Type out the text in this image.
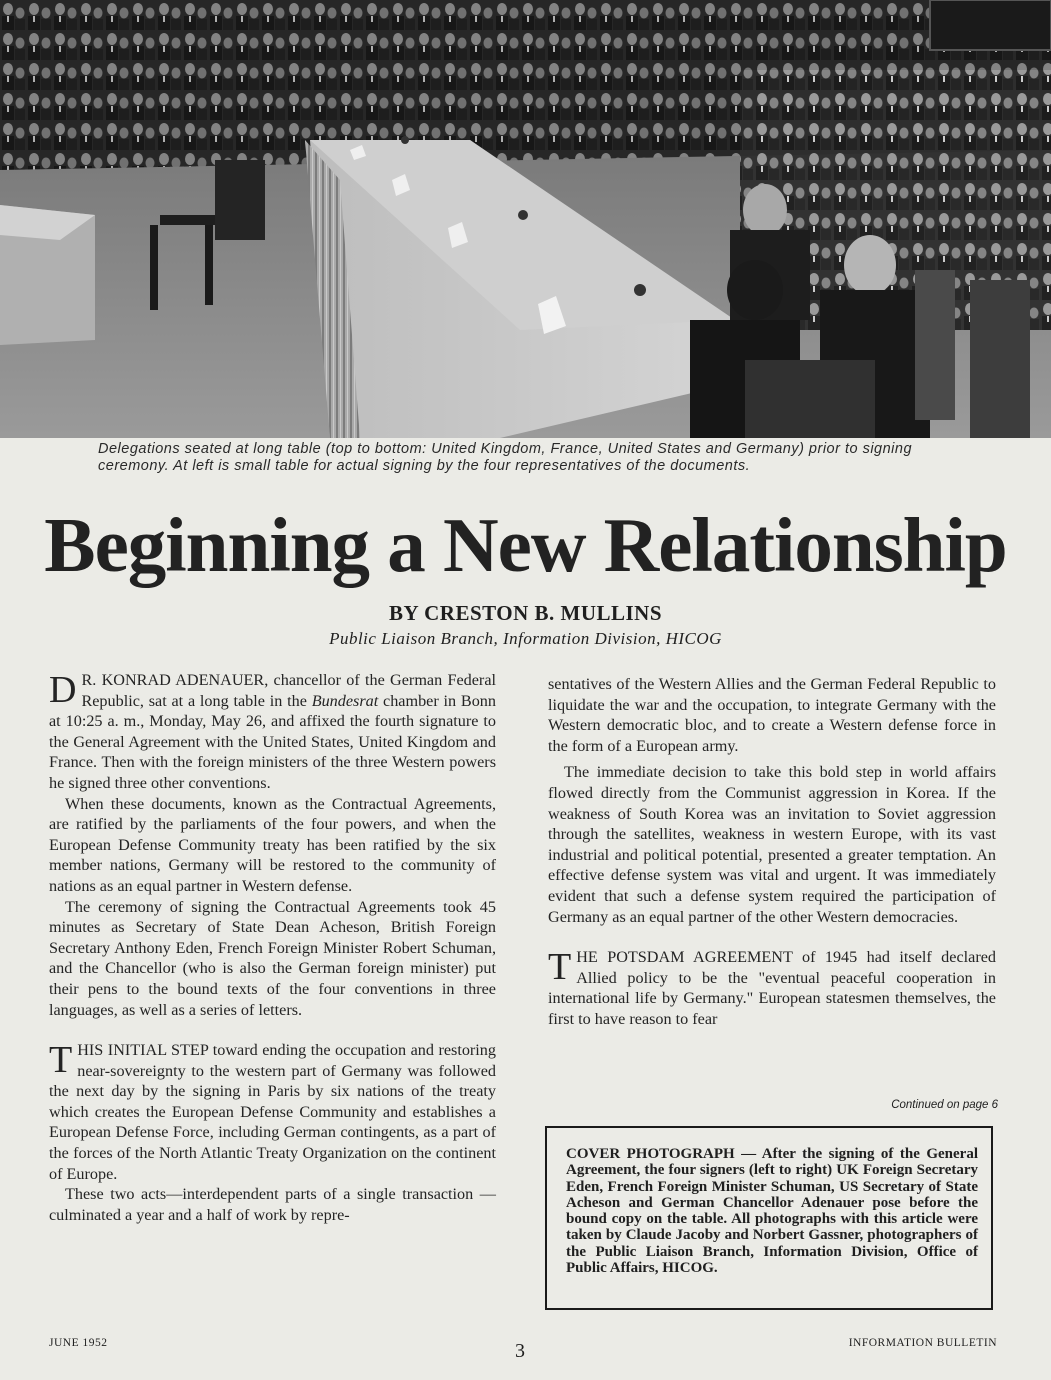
Delegations seated at long table (top to bottom: United Kingdom, France, United States and Germany) prior to signing ceremony. At left is small table for actual signing by the four representatives of the documents.
Beginning a New Relationship
BY CRESTON B. MULLINS
Public Liaison Branch, Information Division, HICOG

D R. KONRAD ADENAUER, chancellor of the German Federal Republic, sat at a long table in the Bundesrat chamber in Bonn at 10:25 a. m., Monday, May 26, and affixed the fourth signature to the General Agreement with the United States, United Kingdom and France. Then with the foreign ministers of the three Western powers he signed three other conventions.

When these documents, known as the Contractual Agreements, are ratified by the parliaments of the four powers, and when the European Defense Community treaty has been ratified by the six member nations, Germany will be restored to the community of nations as an equal partner in Western defense.

The ceremony of signing the Contractual Agreements took 45 minutes as Secretary of State Dean Acheson, British Foreign Secretary Anthony Eden, French Foreign Minister Robert Schuman, and the Chancellor (who is also the German foreign minister) put their pens to the bound texts of the four conventions in three languages, as well as a series of letters.

THIS INITIAL STEP toward ending the occupation and restoring near-sovereignty to the western part of Germany was followed the next day by the signing in Paris by six nations of the treaty which creates the European Defense Community and establishes a European Defense Force, including German contingents, as a part of the forces of the North Atlantic Treaty Organization on the continent of Europe.

These two acts—interdependent parts of a single transaction — culminated a year and a half of work by repre-

sentatives of the Western Allies and the German Federal Republic to liquidate the war and the occupation, to integrate Germany with the Western democratic bloc, and to create a Western defense force in the form of a European army.

The immediate decision to take this bold step in world affairs flowed directly from the Communist aggression in Korea. If the weakness of South Korea was an invitation to Soviet aggression through the satellites, weakness in western Europe, with its vast industrial and political potential, presented a greater temptation. An effective defense system was vital and urgent. It was immediately evident that such a defense system required the participation of Germany as an equal partner of the other Western democracies.

THE POTSDAM AGREEMENT of 1945 had itself declared Allied policy to be the "eventual peaceful cooperation in international life by Germany." European statesmen themselves, the first to have reason to fear

Continued on page 6
COVER PHOTOGRAPH — After the signing of the General Agreement, the four signers (left to right) UK Foreign Secretary Eden, French Foreign Minister Schuman, US Secretary of State Acheson and German Chancellor Adenauer pose before the bound copy on the table. All photographs with this article were taken by Claude Jacoby and Norbert Gassner, photographers of the Public Liaison Branch, Information Division, Office of Public Affairs, HICOG.
JUNE 1952	3	INFORMATION BULLETIN
